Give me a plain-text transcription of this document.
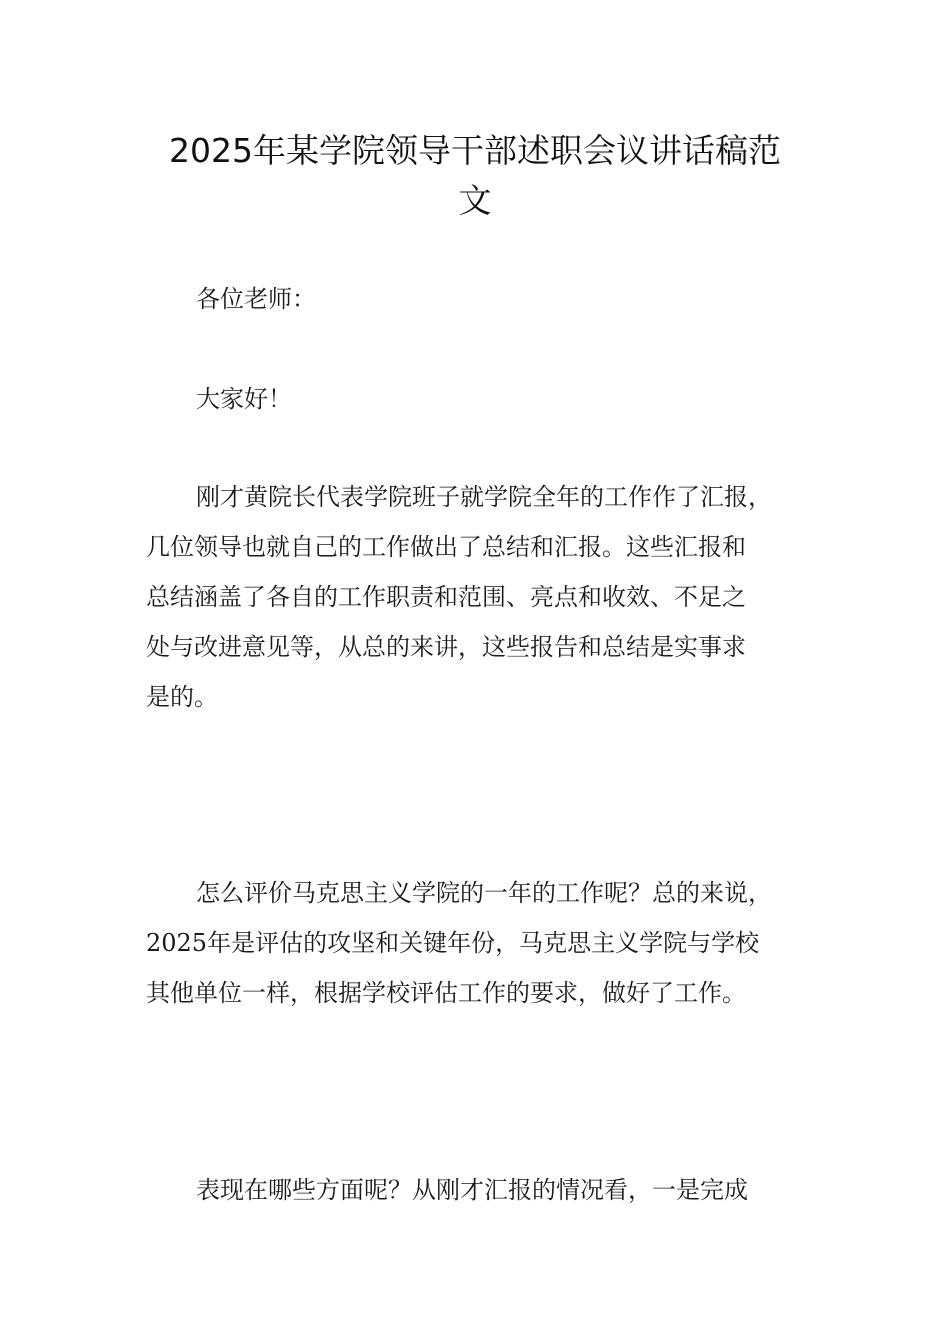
2025年某学院领导干部述职会议讲话稿范
文
各位老师：
大家好！
刚才黄院长代表学院班子就学院全年的工作作了汇报，
几位领导也就自己的工作做出了总结和汇报。这些汇报和
总结涵盖了各自的工作职责和范围、亮点和收效、不足之
处与改进意见等，从总的来讲，这些报告和总结是实事求
是的。
怎么评价马克思主义学院的一年的工作呢？总的来说，
2025年是评估的攻坚和关键年份，马克思主义学院与学校
其他单位一样，根据学校评估工作的要求，做好了工作。
表现在哪些方面呢？从刚才汇报的情况看，一是完成
